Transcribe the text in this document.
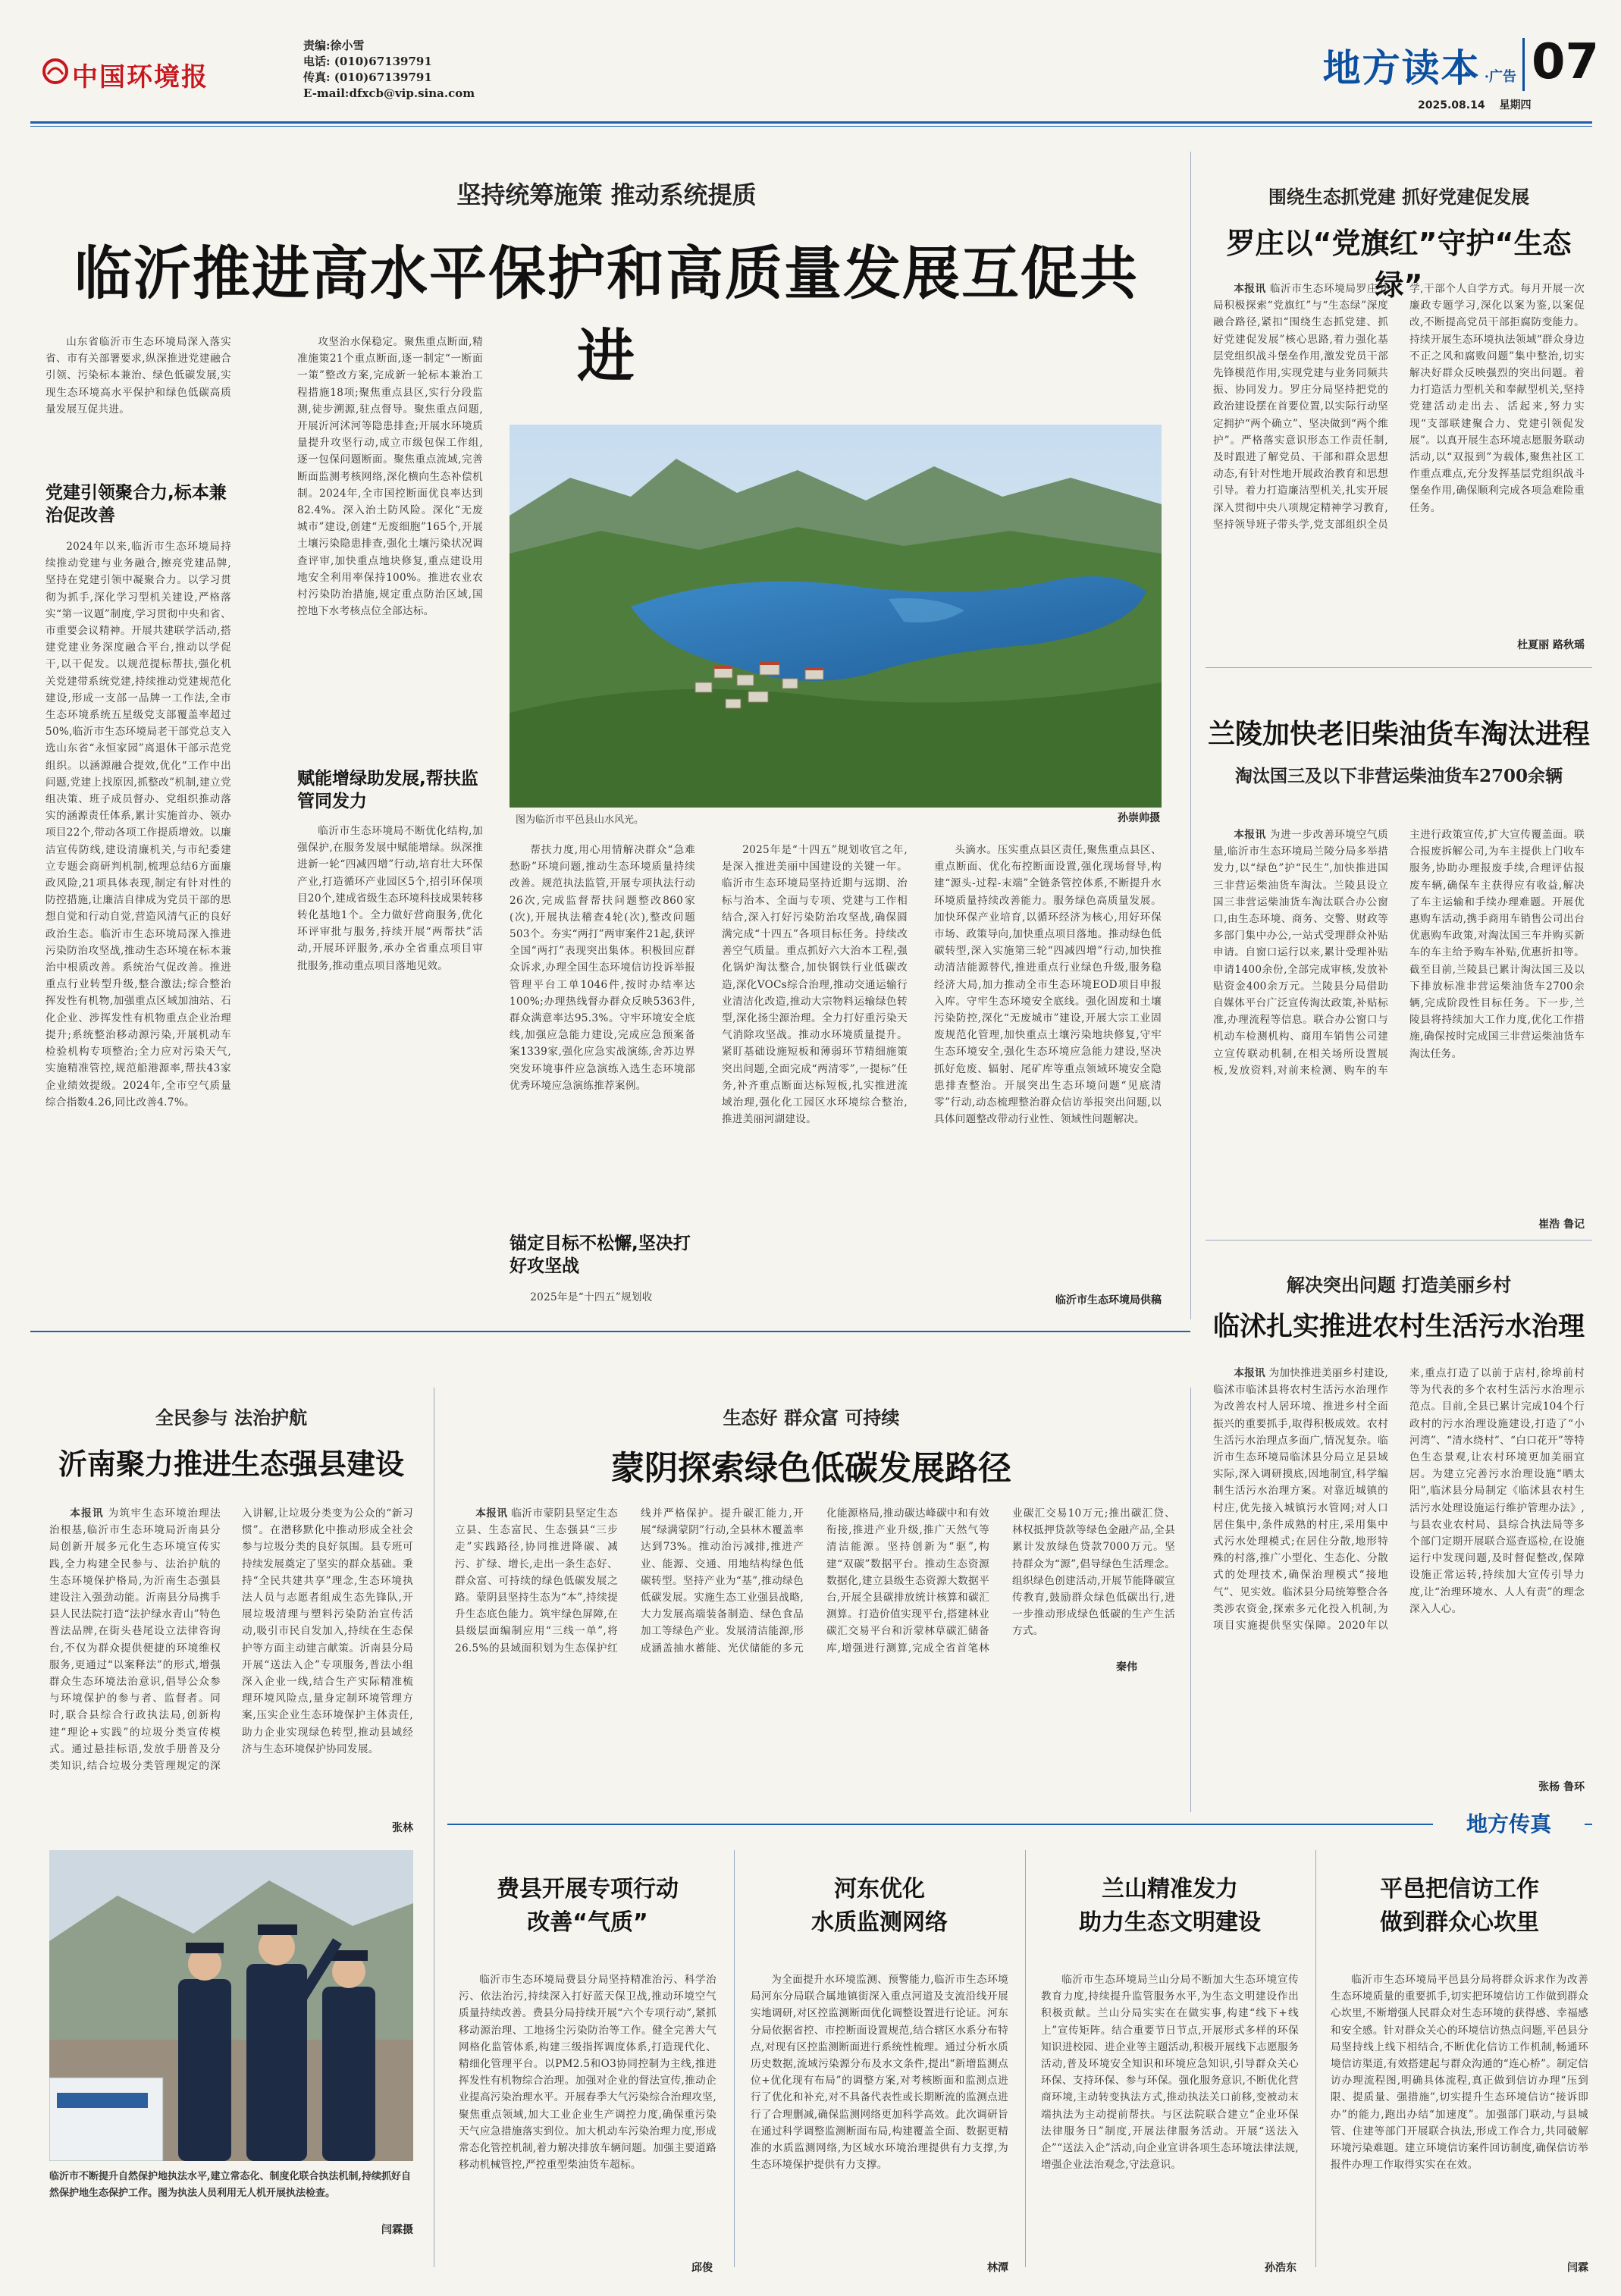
中国环境报
责编:徐小雪
电话: (010)67139791
传真: (010)67139791
E-mail:dfxcb@vip.sina.com
地方读本 ·广告 07
2025.08.14 星期四
坚持统筹施策 推动系统提质
临沂推进高水平保护和高质量发展互促共进

山东省临沂市生态环境局深入落实省、市有关部署要求,纵深推进党建融合引领、污染标本兼治、绿色低碳发展,实现生态环境高水平保护和绿色低碳高质量发展互促共进。

党建引领聚合力,标本兼治促改善

2024年以来,临沂市生态环境局持续推动党建与业务融合,擦亮党建品牌,坚持在党建引领中凝聚合力。以学习贯彻为抓手,深化学习型机关建设,严格落实“第一议题”制度,学习贯彻中央和省、市重要会议精神。开展共建联学活动,搭建党建业务深度融合平台,推动以学促干,以干促发。以规范提标帮扶,强化机关党建带系统党建,持续推动党建规范化建设,形成一支部一品牌一工作法,全市生态环境系统五星级党支部覆盖率超过50%,临沂市生态环境局老干部党总支入选山东省“永恒家园”离退休干部示范党组织。以涵源融合提效,优化“工作中出问题,党建上找原因,抓整改”机制,建立党组决策、班子成员督办、党组织推动落实的涵源责任体系,累计实施首办、领办项目22个,带动各项工作提质增效。以廉洁宣传防线,建设清廉机关,与市纪委建立专题会商研判机制,梳理总结6方面廉政风险,21项具体表现,制定有针对性的防控措施,让廉洁自律成为党员干部的思想自觉和行动自觉,营造风清气正的良好政治生态。临沂市生态环境局深入推进污染防治攻坚战,推动生态环境在标本兼治中根质改善。系统治气促改善。推进重点行业转型升级,整合激法;综合整治挥发性有机物,加强重点区域加油站、石化企业、涉挥发性有机物重点企业治理提升;系统整治移动源污染,开展机动车检验机构专项整治;全力应对污染天气,实施精准管控,规范船港源率,帮扶43家企业绩效提级。2024年,全市空气质量综合指数4.26,同比改善4.7%。

攻坚治水保稳定。聚焦重点断面,精准施策21个重点断面,逐一制定“一断面一策”整改方案,完成新一轮标本兼治工程措施18项;聚焦重点县区,实行分段监测,徒步溯源,驻点督导。聚焦重点问题,开展沂河沭河等隐患排查;开展水环境质量提升攻坚行动,成立市级包保工作组,逐一包保问题断面。聚焦重点流域,完善断面监测考核网络,深化横向生态补偿机制。2024年,全市国控断面优良率达到82.4%。深入治土防风险。深化“无废城市”建设,创建“无废细胞”165个,开展土壤污染隐患排查,强化土壤污染状况调查评审,加快重点地块修复,重点建设用地安全利用率保持100%。推进农业农村污染防治措施,规定重点防治区域,国控地下水考核点位全部达标。

图为临沂市平邑县山水风光。	孙崇帅摄
赋能增绿助发展,帮扶监管同发力

临沂市生态环境局不断优化结构,加强保护,在服务发展中赋能增绿。纵深推进新一轮“四减四增”行动,培育壮大环保产业,打造循环产业园区5个,招引环保项目20个,建成省级生态环境科技成果转移转化基地1个。全力做好营商服务,优化环评审批与服务,持续开展“两帮扶”活动,开展环评服务,承办全省重点项目审批服务,推动重点项目落地见效。

帮扶力度,用心用情解决群众“急难愁盼”环境问题,推动生态环境质量持续改善。规范执法监管,开展专项执法行动26次,完成监督帮扶问题整改860家(次),开展执法稽查4轮(次),整改问题503个。夯实“两打”两审案件21起,获评全国“两打”表现突出集体。积极回应群众诉求,办理全国生态环境信访投诉举报管理平台工单1046件,按时办结率达100%;办理热线督办群众反映5363件,群众满意率达95.3%。守牢环境安全底线,加强应急能力建设,完成应急预案备案1339家,强化应急实战演练,舍苏边界突发环境事件应急演练入选生态环境部优秀环境应急演练推荐案例。

锚定目标不松懈,坚决打好攻坚战

2025年是“十四五”规划收

2025年是“十四五”规划收官之年,是深入推进美丽中国建设的关键一年。临沂市生态环境局坚持近期与远期、治标与治本、全面与专项、党建与工作相结合,深入打好污染防治攻坚战,确保圆满完成“十四五”各项目标任务。持续改善空气质量。重点抓好六大治本工程,强化锅炉淘汰整合,加快钢铁行业低碳改造,深化VOCs综合治理,推动交通运输行业清洁化改造,推动大宗物料运输绿色转型,深化扬尘源治理。全力打好重污染天气消除攻坚战。推动水环境质量提升。紧盯基础设施短板和薄弱环节精细施策突出问题,全面完成“两清零”,一提标”任务,补齐重点断面达标短板,扎实推进流域治理,强化化工园区水环境综合整治,推进美丽河湖建设。

头滴水。压实重点县区责任,聚焦重点县区、重点断面、优化布控断面设置,强化现场督导,构建“源头-过程-末端”全链条管控体系,不断提升水环境质量持续改善能力。服务绿色高质量发展。加快环保产业培育,以循环经济为核心,用好环保市场、政策导向,加快重点项目落地。推动绿色低碳转型,深入实施第三轮“四减四增”行动,加快推动清洁能源替代,推进重点行业绿色升级,服务稳经济大局,加力推动全市生态环境EOD项目申报入库。守牢生态环境安全底线。强化固废和土壤污染防控,深化“无废城市”建设,开展大宗工业固废规范化管理,加快重点土壤污染地块修复,守牢生态环境安全,强化生态环境应急能力建设,坚决抓好危废、辐射、尾矿库等重点领域环境安全隐患排查整治。开展突出生态环境问题“见底清零”行动,动态梳理整治群众信访举报突出问题,以具体问题整改带动行业性、领域性问题解决。

临沂市生态环境局供稿
围绕生态抓党建 抓好党建促发展
罗庄以“党旗红”守护“生态绿”

本报讯 临沂市生态环境局罗庄分局积极探索“党旗红”与“生态绿”深度融合路径,紧扣“围绕生态抓党建、抓好党建促发展”核心思路,着力强化基层党组织战斗堡垒作用,激发党员干部先锋模范作用,实现党建与业务同频共振、协同发力。罗庄分局坚持把党的政治建设摆在首要位置,以实际行动坚定拥护“两个确立”、坚决做到“两个维护”。严格落实意识形态工作责任制,及时跟进了解党员、干部和群众思想动态,有针对性地开展政治教育和思想引导。着力打造廉洁型机关,扎实开展深入贯彻中央八项规定精神学习教育,坚持领导班子带头学,党支部组织全员学,干部个人自学方式。每月开展一次廉政专题学习,深化以案为鉴,以案促改,不断提高党员干部拒腐防变能力。持续开展生态环境执法领域“群众身边不正之风和腐败问题”集中整治,切实解决好群众反映强烈的突出问题。着力打造活力型机关和奉献型机关,坚持党建活动走出去、活起来,努力实现“支部联建聚合力、党建引领促发展”。以真开展生态环境志愿服务联动活动,以“双报到”为载体,聚焦社区工作重点难点,充分发挥基层党组织战斗堡垒作用,确保顺利完成各项急难险重任务。

杜夏丽 路秋瑶
兰陵加快老旧柴油货车淘汰进程
淘汰国三及以下非营运柴油货车2700余辆

本报讯 为进一步改善环境空气质量,临沂市生态环境局兰陵分局多举措发力,以“绿色”护“民生”,加快推进国三非营运柴油货车淘汰。兰陵县设立国三非营运柴油货车淘汰联合办公窗口,由生态环境、商务、交警、财政等多部门集中办公,一站式受理群众补贴申请。自窗口运行以来,累计受理补贴申请1400余份,全部完成审核,发放补贴资金400余万元。兰陵县分局借助自媒体平台广泛宣传淘汰政策,补贴标准,办理流程等信息。联合办公窗口与机动车检测机构、商用车销售公司建立宣传联动机制,在相关场所设置展板,发放资料,对前来检测、购车的车主进行政策宣传,扩大宣传覆盖面。联合报废拆解公司,为车主提供上门收车服务,协助办理报废手续,合理评估报废车辆,确保车主获得应有收益,解决了车主运输和手续办理难题。开展优惠购车活动,携手商用车销售公司出台优惠购车政策,对淘汰国三车并购买新车的车主给予购车补贴,优惠折扣等。截至目前,兰陵县已累计淘汰国三及以下排放标准非营运柴油货车2700余辆,完成阶段性目标任务。下一步,兰陵县将持续加大工作力度,优化工作措施,确保按时完成国三非营运柴油货车淘汰任务。

崔浩 鲁记
解决突出问题 打造美丽乡村
临沭扎实推进农村生活污水治理

本报讯 为加快推进美丽乡村建设,临沭市临沭县将农村生活污水治理作为改善农村人居环境、推进乡村全面振兴的重要抓手,取得积极成效。农村生活污水治理点多面广,情况复杂。临沂市生态环境局临沭县分局立足县域实际,深入调研摸底,因地制宜,科学编制生活污水治理方案。对靠近城镇的村庄,优先接入城镇污水管网;对人口居住集中,条件成熟的村庄,采用集中式污水处理模式;在居住分散,地形特殊的村落,推广小型化、生态化、分散式的处理技术,确保治理模式“接地气”、见实效。临沭县分局统筹整合各类涉农资金,探索多元化投入机制,为项目实施提供坚实保障。2020年以来,重点打造了以前于店村,徐埠前村等为代表的多个农村生活污水治理示范点。目前,全县已累计完成104个行政村的污水治理设施建设,打造了“小河湾”、“清水绕村”、“白口花开”等特色生态景观,让农村环境更加美丽宜居。为建立完善污水治理设施“晒太阳”,临沭县分局制定《临沭县农村生活污水处理设施运行维护管理办法》,与县农业农村局、县综合执法局等多个部门定期开展联合巡查巡检,在设施运行中发现问题,及时督促整改,保障设施正常运转,持续加大宣传引导力度,让“治理环境水、人人有责”的理念深入人心。

张杨 鲁环
全民参与 法治护航
沂南聚力推进生态强县建设

本报讯 为筑牢生态环境治理法治根基,临沂市生态环境局沂南县分局创新开展多元化生态环境宣传实践,全力构建全民参与、法治护航的生态环境保护格局,为沂南生态强县建设注入强劲动能。沂南县分局携手县人民法院打造“法护绿水青山”特色普法品牌,在街头巷尾设立法律咨询台,不仅为群众提供便捷的环境维权服务,更通过“以案释法”的形式,增强群众生态环境法治意识,倡导公众参与环境保护的参与者、监督者。同时,联合县综合行政执法局,创新构建“理论+实践”的垃圾分类宣传模式。通过悬挂标语,发放手册普及分类知识,结合垃圾分类管理规定的深入讲解,让垃圾分类变为公众的“新习惯”。在潜移默化中推动形成全社会参与垃圾分类的良好氛围。县专班可持续发展奠定了坚实的群众基础。秉持“全民共建共享”理念,生态环境执法人员与志愿者组成生态先锋队,开展垃圾清理与塑料污染防治宣传活动,吸引市民自发加入,持续在生态保护等方面主动建言献策。沂南县分局开展“送法入企”专项服务,普法小组深入企业一线,结合生产实际精准梳理环境风险点,量身定制环境管理方案,压实企业生态环境保护主体责任,助力企业实现绿色转型,推动县域经济与生态环境保护协同发展。

张林
临沂市不断提升自然保护地执法水平,建立常态化、制度化联合执法机制,持续抓好自然保护地生态保护工作。图为执法人员利用无人机开展执法检查。
闫霖摄
生态好 群众富 可持续
蒙阴探索绿色低碳发展路径

本报讯 临沂市蒙阴县坚定生态立县、生态富民、生态强县“三步走”实践路径,协同推进降碳、减污、扩绿、增长,走出一条生态好、群众富、可持续的绿色低碳发展之路。蒙阴县坚持生态为“本”,持续提升生态底色能力。筑牢绿色屏障,在县级层面编制应用“三线一单”,将26.5%的县域面积划为生态保护红线并严格保护。提升碳汇能力,开展“绿满蒙阴”行动,全县林木覆盖率达到73%。推动治污减排,推进产业、能源、交通、用地结构绿色低碳转型。坚持产业为“基”,推动绿色低碳发展。实施生态工业强县战略,大力发展高端装备制造、绿色食品加工等绿色产业。发展清洁能源,形成涵盖抽水蓄能、光伏储能的多元化能源格局,推动碳达峰碳中和有效衔接,推进产业升级,推广天然气等清洁能源。坚持创新为“驱”,构建“双碳”数据平台。推动生态资源数据化,建立县级生态资源大数据平台,开展全县碳排放统计核算和碳汇测算。打造价值实现平台,搭建林业碳汇交易平台和沂蒙林草碳汇储备库,增强进行测算,完成全省首笔林业碳汇交易10万元;推出碳汇贷、林权抵押贷款等绿色金融产品,全县累计发放绿色贷款7000万元。坚持群众为“源”,倡导绿色生活理念。组织绿色创建活动,开展节能降碳宣传教育,鼓励群众绿色低碳出行,进一步推动形成绿色低碳的生产生活方式。

秦伟
地方传真
费县开展专项行动
改善“气质”

临沂市生态环境局费县分局坚持精准治污、科学治污、依法治污,持续深入打好蓝天保卫战,推动环境空气质量持续改善。费县分局持续开展“六个专项行动”,紧抓移动源治理、工地扬尘污染防治等工作。健全完善大气网格化监管体系,构建三级指挥调度体系,打造现代化、精细化管理平台。以PM2.5和O3协同控制为主线,推进挥发性有机物综合治理。加强对企业的督法宣传,推动企业提高污染治理水平。开展春季大气污染综合治理攻坚,聚焦重点领域,加大工业企业生产调控力度,确保重污染天气应急措施落实到位。加大机动车污染治理力度,形成常态化管控机制,着力解决排放车辆问题。加强主要道路移动机械管控,严控重型柴油货车超标。

邱俊
河东优化
水质监测网络

为全面提升水环境监测、预警能力,临沂市生态环境局河东分局联合属地镇街深入重点河道及支流沿线开展实地调研,对区控监测断面优化调整设置进行论证。河东分局依据省控、市控断面设置规范,结合辖区水系分布特点,对现有区控监测断面进行系统性梳理。通过分析水质历史数据,流域污染源分布及水文条件,提出“新增监测点位+优化现有布局”的调整方案,对考核断面和监测点进行了优化和补充,对不具备代表性或长期断流的监测点进行了合理删减,确保监测网络更加科学高效。此次调研旨在通过科学调整监测断面布局,构建覆盖全面、数据更精准的水质监测网络,为区域水环境治理提供有力支撑,为生态环境保护提供有力支撑。

林潭
兰山精准发力
助力生态文明建设

临沂市生态环境局兰山分局不断加大生态环境宣传教育力度,持续提升监管服务水平,为生态文明建设作出积极贡献。兰山分局实实在在做实事,构建“线下+线上”宣传矩阵。结合重要节日节点,开展形式多样的环保知识进校园、进企业等主题活动,积极开展线下志愿服务活动,普及环境安全知识和环境应急知识,引导群众关心环保、支持环保、参与环保。强化服务意识,不断优化营商环境,主动转变执法方式,推动执法关口前移,变被动末端执法为主动提前帮扶。与区法院联合建立“企业环保法律服务日”制度,开展法律服务活动。开展“送法入企”“送法入企”活动,向企业宣讲各项生态环境法律法规,增强企业法治观念,守法意识。

孙浩东
平邑把信访工作
做到群众心坎里

临沂市生态环境局平邑县分局将群众诉求作为改善生态环境质量的重要抓手,切实把环境信访工作做到群众心坎里,不断增强人民群众对生态环境的获得感、幸福感和安全感。针对群众关心的环境信访热点问题,平邑县分局坚持线上线下相结合,不断优化信访工作机制,畅通环境信访渠道,有效搭建起与群众沟通的“连心桥”。制定信访办理流程图,明确具体流程,真正做到信访办理“压到限、提质量、强措施”,切实提升生态环境信访“接诉即办”的能力,跑出办结“加速度”。加强部门联动,与县城管、住建等部门开展联合执法,形成工作合力,共同破解环境污染难题。建立环境信访案件回访制度,确保信访举报件办理工作取得实实在在效。

闫霖
